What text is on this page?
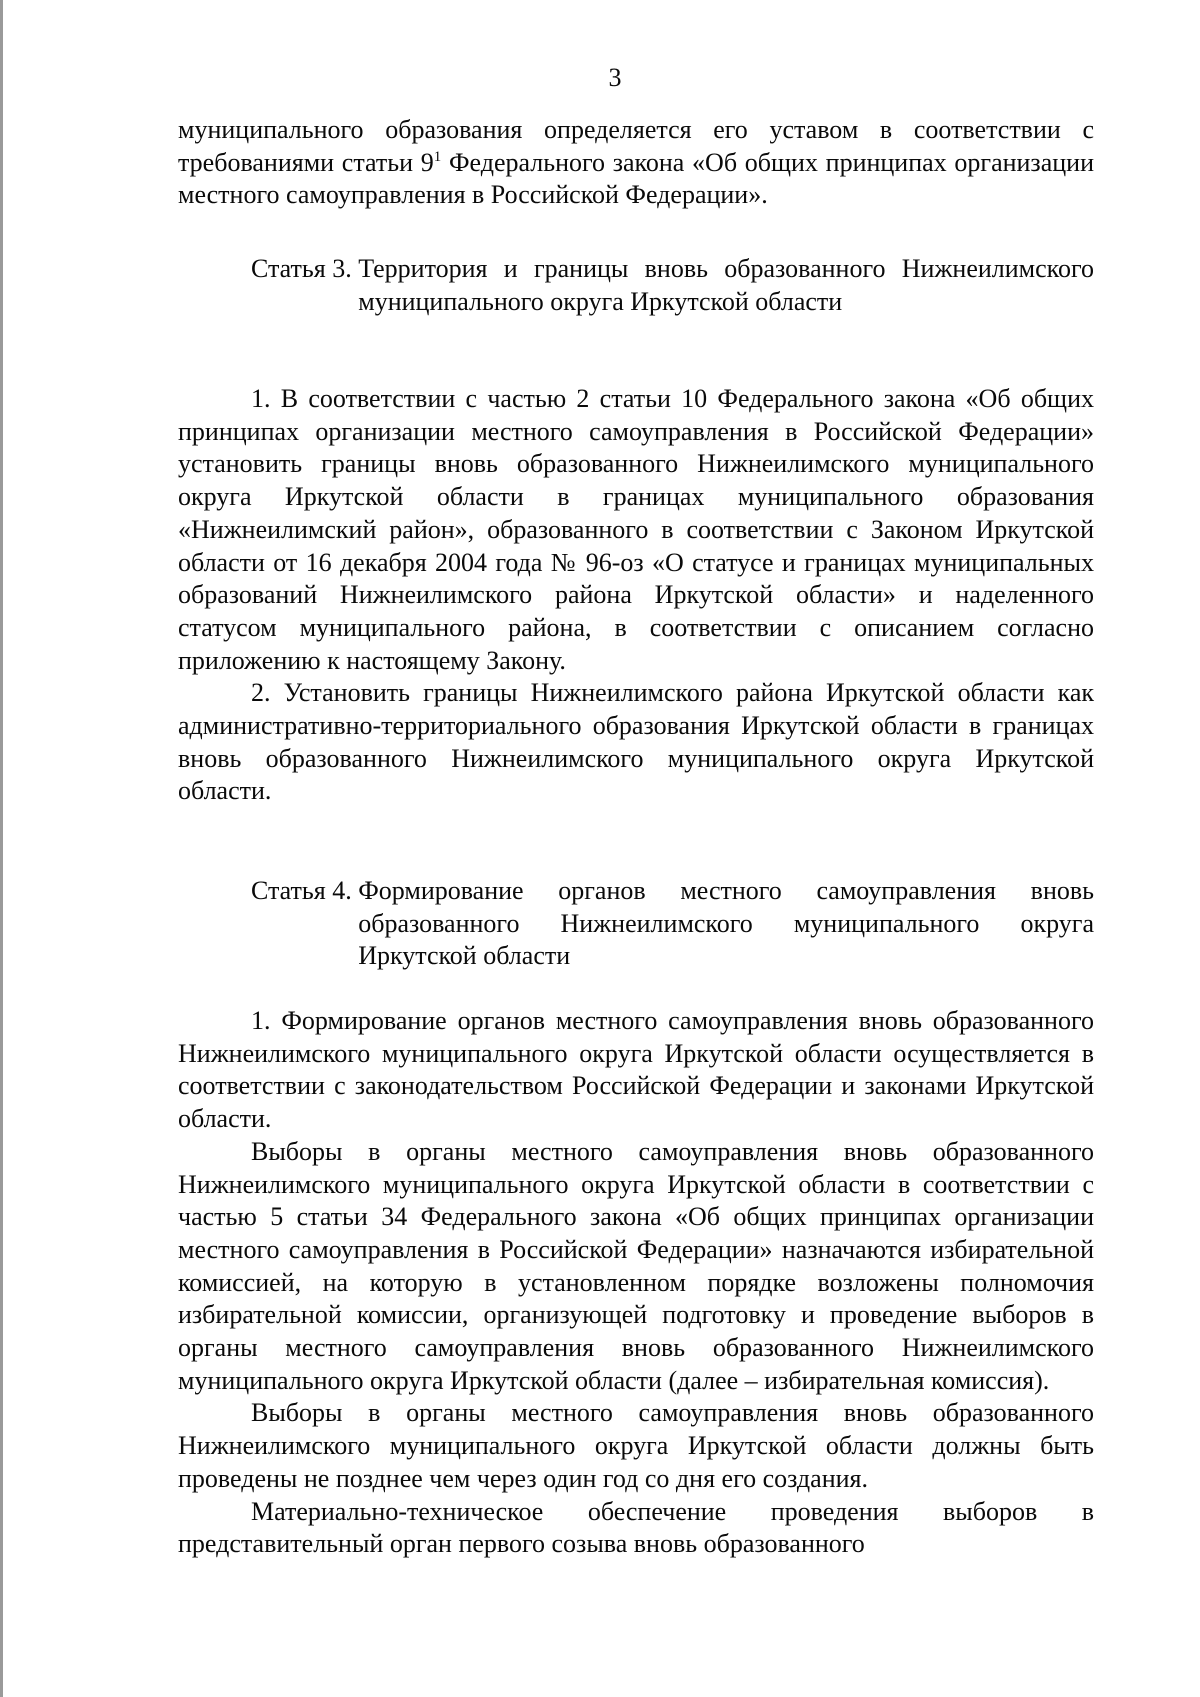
3

муниципального образования определяется его уставом в соответствии с требованиями статьи $9^1$ Федерального закона «Об общих принципах организации местного самоуправления в Российской Федерации».

Статья 3. Территория и границы вновь образованного Нижнеилимского муниципального округа Иркутской области

1. В соответствии с частью 2 статьи 10 Федерального закона «Об общих принципах организации местного самоуправления в Российской Федерации» установить границы вновь образованного Нижнеилимского муниципального округа Иркутской области в границах муниципального образования «Нижнеилимский район», образованного в соответствии с Законом Иркутской области от 16 декабря 2004 года № 96-оз «О статусе и границах муниципальных образований Нижнеилимского района Иркутской области» и наделенного статусом муниципального района, в соответствии с описанием согласно приложению к настоящему Закону.

2. Установить границы Нижнеилимского района Иркутской области как административно-территориального образования Иркутской области в границах вновь образованного Нижнеилимского муниципального округа Иркутской области.

Статья 4. Формирование органов местного самоуправления вновь образованного Нижнеилимского муниципального округа Иркутской области

1. Формирование органов местного самоуправления вновь образованного Нижнеилимского муниципального округа Иркутской области осуществляется в соответствии с законодательством Российской Федерации и законами Иркутской области.

Выборы в органы местного самоуправления вновь образованного Нижнеилимского муниципального округа Иркутской области в соответствии с частью 5 статьи 34 Федерального закона «Об общих принципах организации местного самоуправления в Российской Федерации» назначаются избирательной комиссией, на которую в установленном порядке возложены полномочия избирательной комиссии, организующей подготовку и проведение выборов в органы местного самоуправления вновь образованного Нижнеилимского муниципального округа Иркутской области (далее – избирательная комиссия).

Выборы в органы местного самоуправления вновь образованного Нижнеилимского муниципального округа Иркутской области должны быть проведены не позднее чем через один год со дня его создания.

Материально-техническое обеспечение проведения выборов в представительный орган первого созыва вновь образованного
